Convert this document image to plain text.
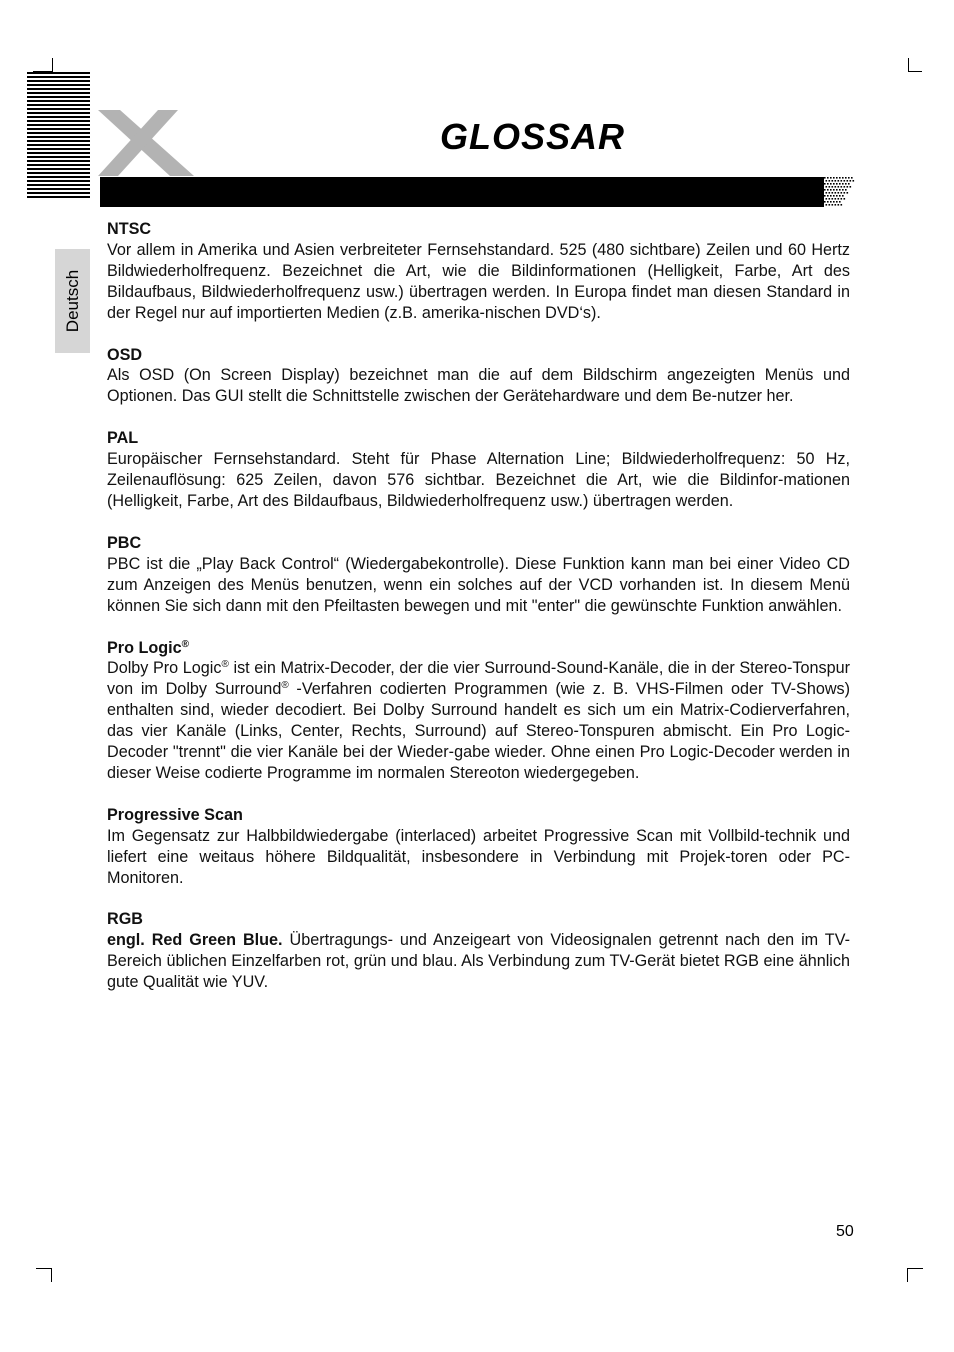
GLOSSAR
Deutsch

NTSC

Vor allem in Amerika und Asien verbreiteter Fernsehstandard. 525 (480 sichtbare) Zeilen und 60 Hertz Bildwiederholfrequenz. Bezeichnet die Art, wie die Bildinformationen (Helligkeit, Farbe, Art des Bildaufbaus, Bildwiederholfrequenz usw.) übertragen werden. In Europa findet man diesen Standard in der Regel nur auf importierten Medien (z.B. amerika-nischen DVD‘s).

OSD

Als OSD (On Screen Display) bezeichnet man die auf dem Bildschirm angezeigten Menüs und Optionen. Das GUI stellt die Schnittstelle zwischen der Gerätehardware und dem Be-nutzer her.

PAL

Europäischer Fernsehstandard. Steht für Phase Alternation Line; Bildwiederholfrequenz: 50 Hz, Zeilenauflösung: 625 Zeilen, davon 576 sichtbar. Bezeichnet die Art, wie die Bildinfor-mationen (Helligkeit, Farbe, Art des Bildaufbaus, Bildwiederholfrequenz usw.) übertragen werden.

PBC

PBC ist die „Play Back Control“ (Wiedergabekontrolle). Diese Funktion kann man bei einer Video CD zum Anzeigen des Menüs benutzen, wenn ein solches auf der VCD vorhanden ist. In diesem Menü können Sie sich dann mit den Pfeiltasten bewegen und mit "enter" die gewünschte Funktion anwählen.

Pro Logic®

Dolby Pro Logic® ist ein Matrix-Decoder, der die vier Surround-Sound-Kanäle, die in der Stereo-Tonspur von im Dolby Surround® -Verfahren codierten Programmen (wie z. B. VHS-Filmen oder TV-Shows) enthalten sind, wieder decodiert. Bei Dolby Surround handelt es sich um ein Matrix-Codierverfahren, das vier Kanäle (Links, Center, Rechts, Surround) auf Stereo-Tonspuren abmischt. Ein Pro Logic-Decoder "trennt" die vier Kanäle bei der Wieder-gabe wieder. Ohne einen Pro Logic-Decoder werden in dieser Weise codierte Programme im normalen Stereoton wiedergegeben.

Progressive Scan

Im Gegensatz zur Halbbildwiedergabe (interlaced) arbeitet Progressive Scan mit Vollbild-technik und liefert eine weitaus höhere Bildqualität, insbesondere in Verbindung mit Projek-toren oder PC-Monitoren.

RGB

engl. Red Green Blue. Übertragungs- und Anzeigeart von Videosignalen getrennt nach den im TV-Bereich üblichen Einzelfarben rot, grün und blau. Als Verbindung zum TV-Gerät bietet RGB eine ähnlich gute Qualität wie YUV.

50
